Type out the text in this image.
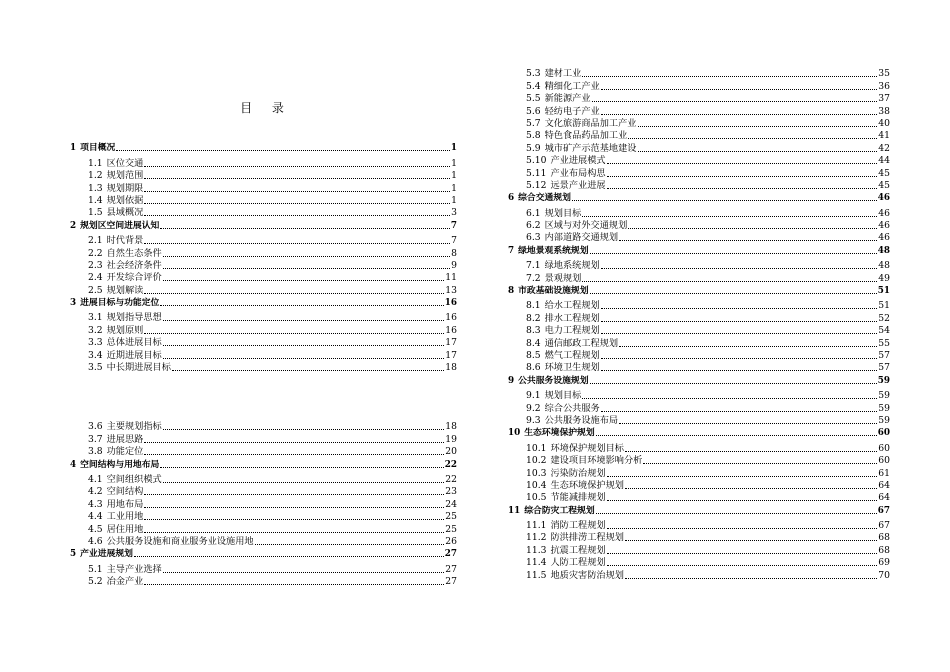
目 录
1 项目概况	1
1.1 区位交通	1
1.2 规划范围	1
1.3 规划期限	1
1.4 规划依据	1
1.5 县域概况	3
2 规划区空间进展认知	7
2.1 时代背景	7
2.2 自然生态条件	8
2.3 社会经济条件	9
2.4 开发综合评价	11
2.5 规划解读	13
3 进展目标与功能定位	16
3.1 规划指导思想	16
3.2 规划原则	16
3.3 总体进展目标	17
3.4 近期进展目标	17
3.5 中长期进展目标	18
3.6 主要规划指标	18
3.7 进展思路	19
3.8 功能定位	20
4 空间结构与用地布局	22
4.1 空间组织模式	22
4.2 空间结构	23
4.3 用地布局	24
4.4 工业用地	25
4.5 居住用地	25
4.6 公共服务设施和商业服务业设施用地	26
5 产业进展规划	27
5.1 主导产业选择	27
5.2 冶金产业	27
5.3 建材工业	35
5.4 精细化工产业	36
5.5 新能源产业	37
5.6 轻纺电子产业	38
5.7 文化旅游商品加工产业	40
5.8 特色食品药品加工业	41
5.9 城市矿产示范基地建设	42
5.10 产业进展模式	44
5.11 产业布局构思	45
5.12 远景产业进展	45
6 综合交通规划	46
6.1 规划目标	46
6.2 区域与对外交通规划	46
6.3 内部道路交通规划	46
7 绿地景观系统规划	48
7.1 绿地系统规划	48
7.2 景观规划	49
8 市政基础设施规划	51
8.1 给水工程规划	51
8.2 排水工程规划	52
8.3 电力工程规划	54
8.4 通信邮政工程规划	55
8.5 燃气工程规划	57
8.6 环境卫生规划	57
9 公共服务设施规划	59
9.1 规划目标	59
9.2 综合公共服务	59
9.3 公共服务设施布局	59
10 生态环境保护规划	60
10.1 环境保护规划目标	60
10.2 建设项目环境影响分析	60
10.3 污染防治规划	61
10.4 生态环境保护规划	64
10.5 节能减排规划	64
11 综合防灾工程规划	67
11.1 消防工程规划	67
11.2 防洪排涝工程规划	68
11.3 抗震工程规划	68
11.4 人防工程规划	69
11.5 地质灾害防治规划	70
